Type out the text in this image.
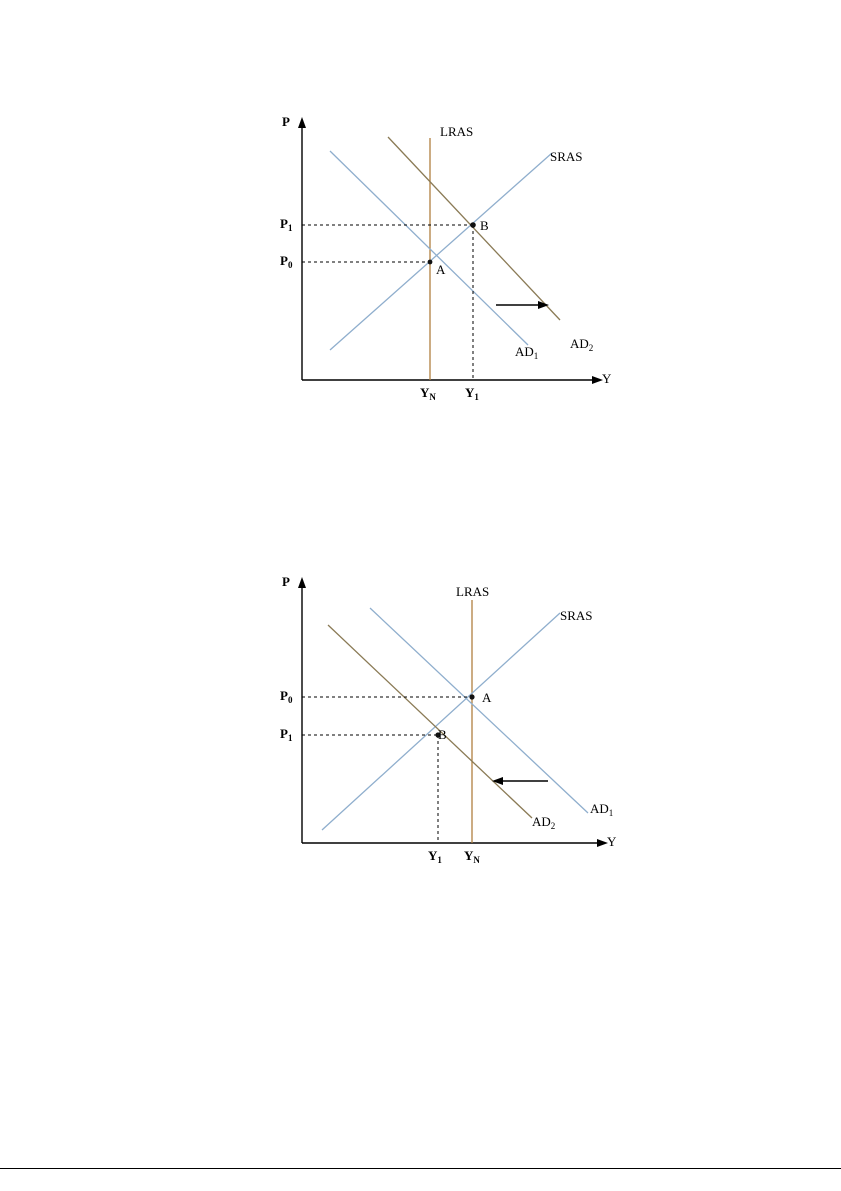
P
Y
LRAS
SRAS
$AD_1$
$AD_2$
A
B
$P_1$
$P_0$
$Y_N$ $Y_1$
P
Y
LRAS
SRAS
$AD_1$
$AD_2$
A
B
$P_0$
$P_1$
$Y_1$ $Y_N$
